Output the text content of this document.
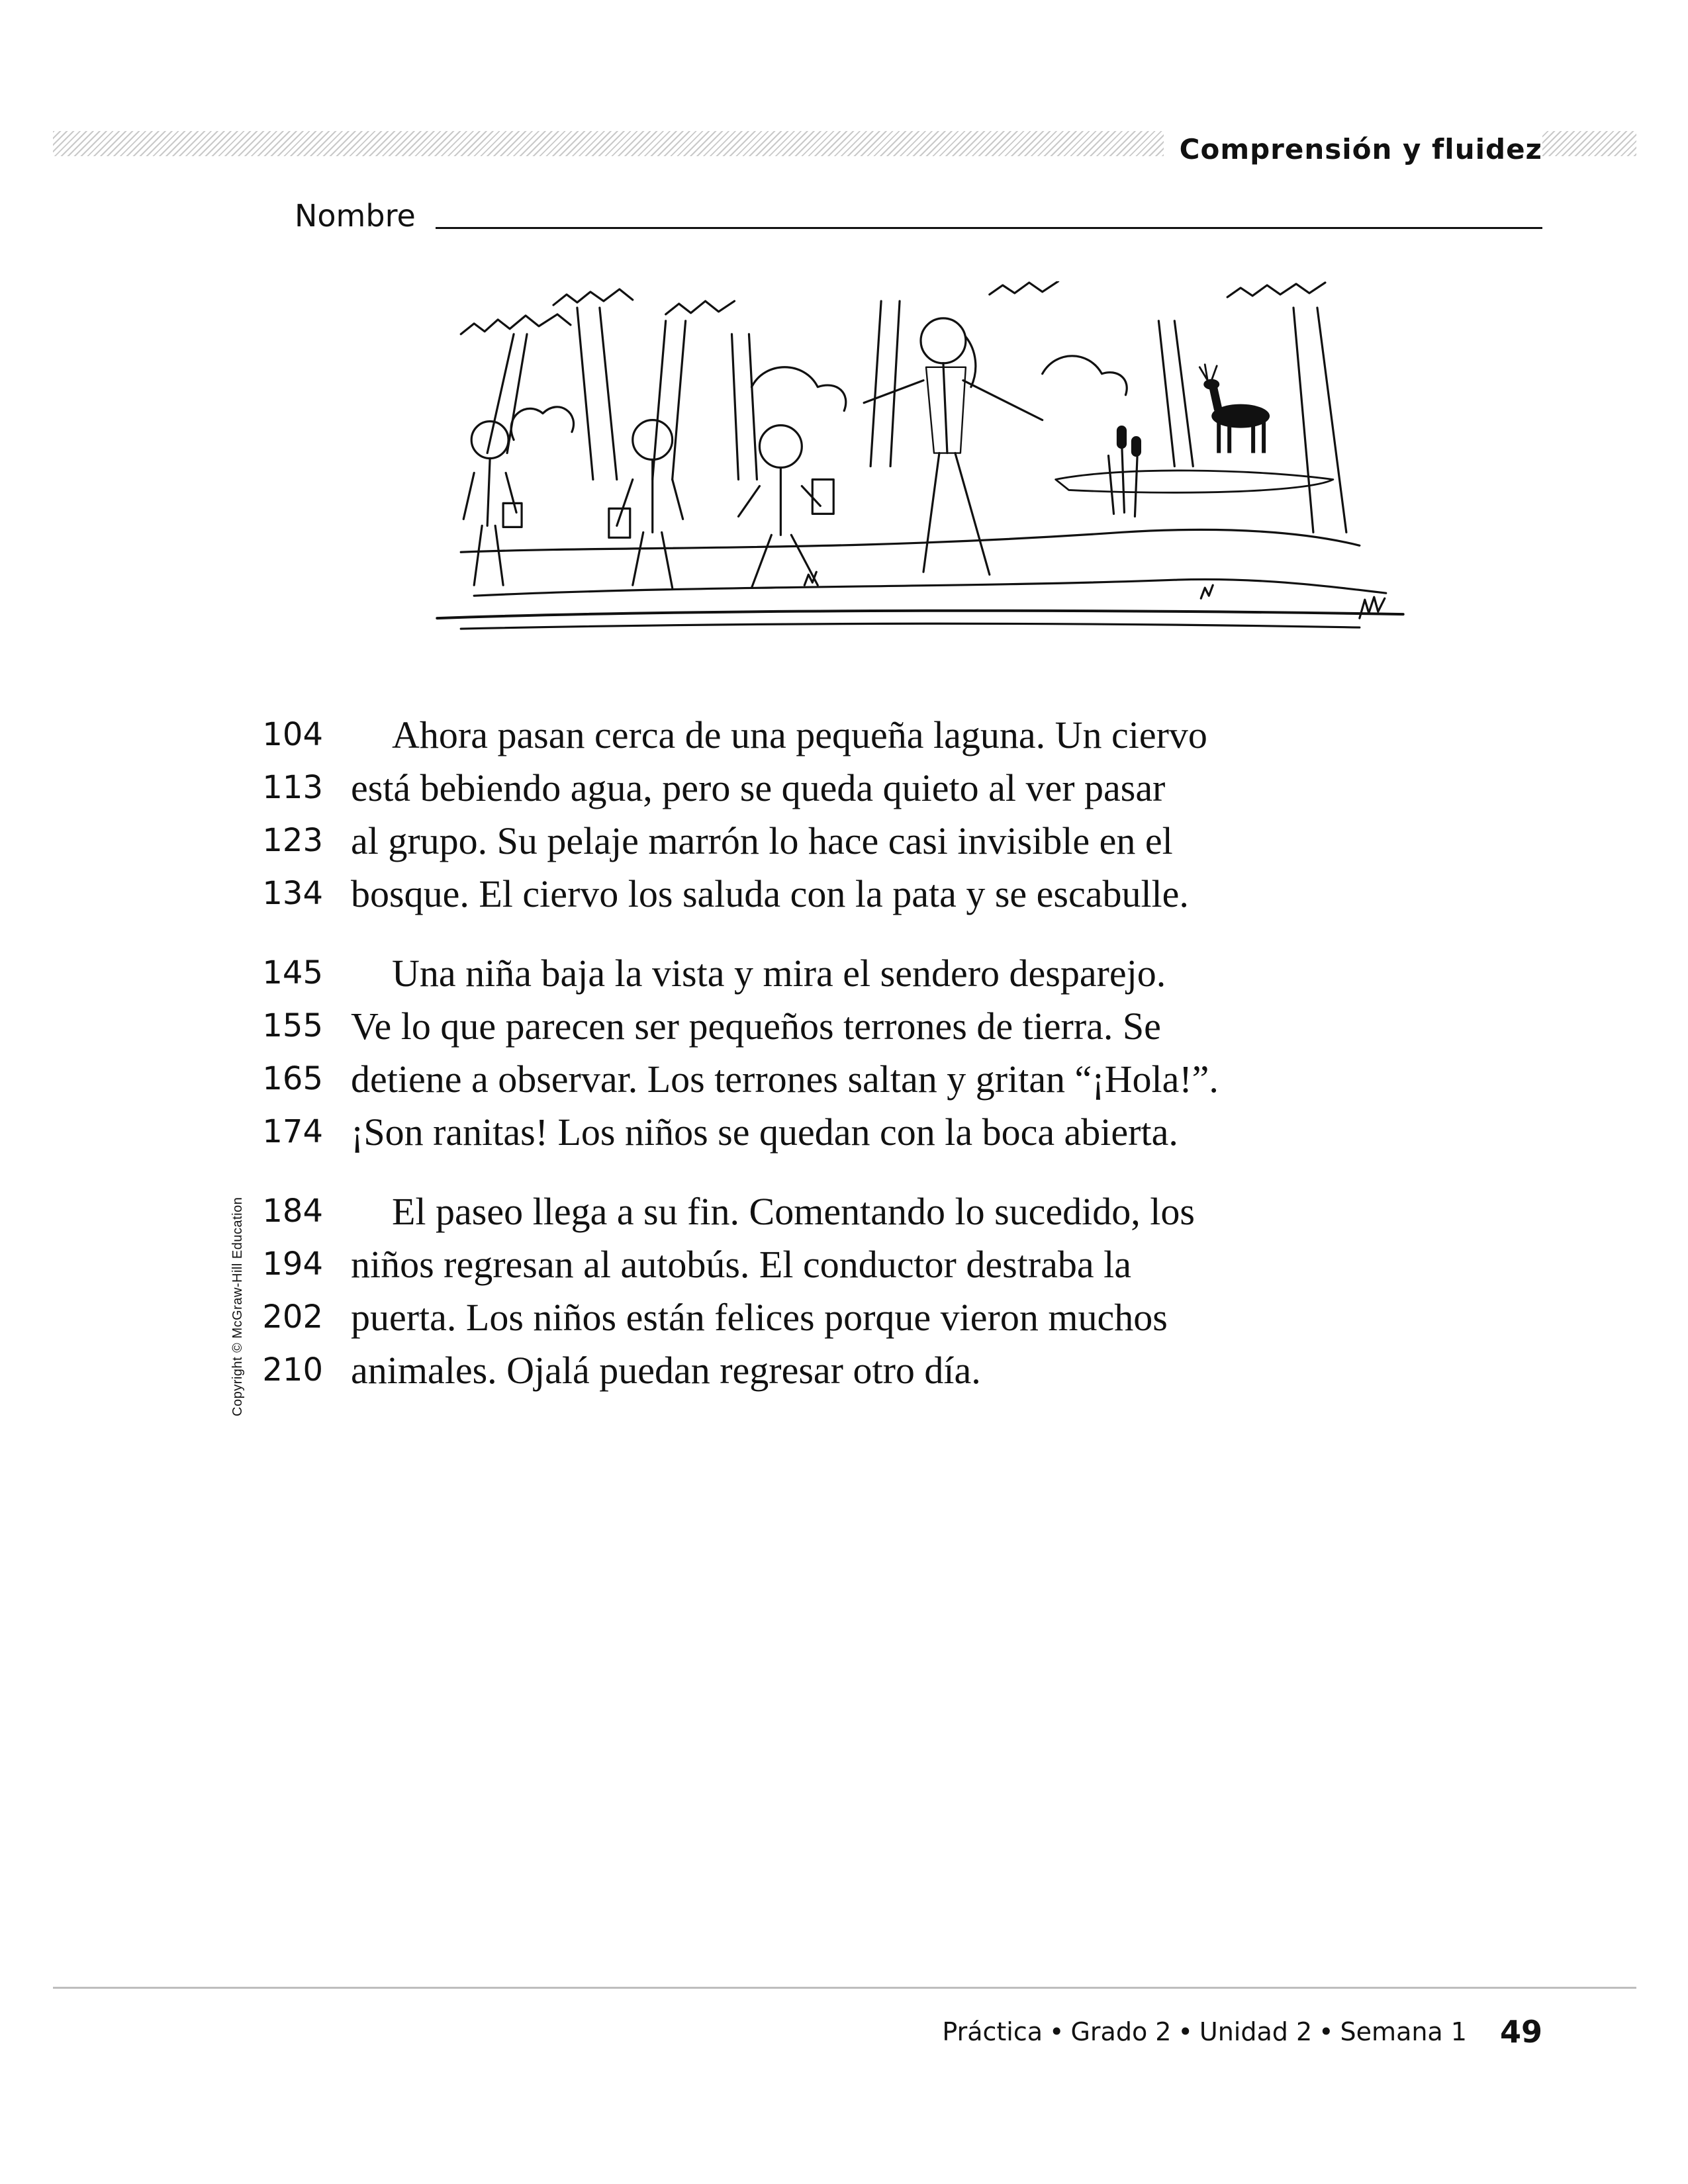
Comprensión y fluidez
Nombre
104	Ahora pasan cerca de una pequeña laguna. Un ciervo
113 está bebiendo agua, pero se queda quieto al ver pasar
123 al grupo. Su pelaje marrón lo hace casi invisible en el
134 bosque. El ciervo los saluda con la pata y se escabulle.
145	Una niña baja la vista y mira el sendero desparejo.
155 Ve lo que parecen ser pequeños terrones de tierra. Se
165 detiene a observar. Los terrones saltan y gritan “¡Hola!”.
174 ¡Son ranitas! Los niños se quedan con la boca abierta.
184	El paseo llega a su fin. Comentando lo sucedido, los
194 niños regresan al autobús. El conductor destraba la
202 puerta. Los niños están felices porque vieron muchos
210 animales. Ojalá puedan regresar otro día.
Copyright © McGraw-Hill Education
Práctica • Grado 2 • Unidad 2 • Semana 1 49
